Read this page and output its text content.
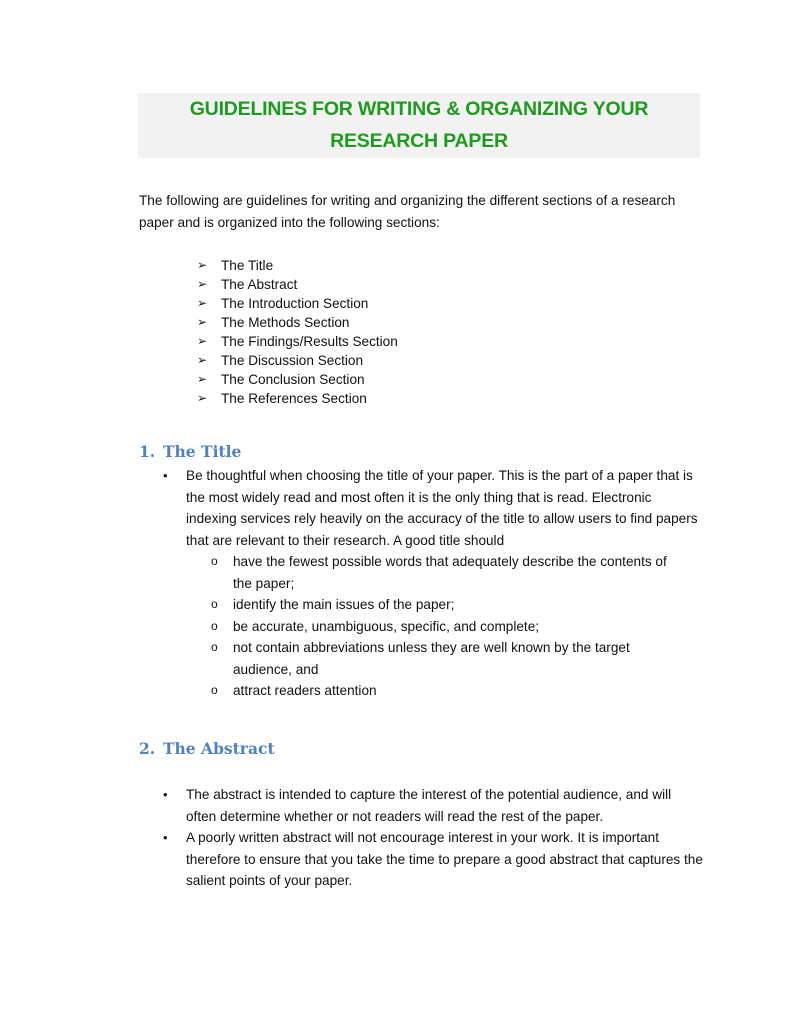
GUIDELINES FOR WRITING & ORGANIZING YOUR
RESEARCH PAPER
The following are guidelines for writing and organizing the different sections of a research paper and is organized into the following sections:
➢ The Title
➢ The Abstract
➢ The Introduction Section
➢ The Methods Section
➢ The Findings/Results Section
➢ The Discussion Section
➢ The Conclusion Section
➢ The References Section
1. The Title
• Be thoughtful when choosing the title of your paper. This is the part of a paper that is the most widely read and most often it is the only thing that is read. Electronic indexing services rely heavily on the accuracy of the title to allow users to find papers that are relevant to their research. A good title should
o have the fewest possible words that adequately describe the contents of the paper;
o identify the main issues of the paper;
o be accurate, unambiguous, specific, and complete;
o not contain abbreviations unless they are well known by the target audience, and
o attract readers attention
2. The Abstract
• The abstract is intended to capture the interest of the potential audience, and will often determine whether or not readers will read the rest of the paper.
• A poorly written abstract will not encourage interest in your work. It is important therefore to ensure that you take the time to prepare a good abstract that captures the salient points of your paper.
